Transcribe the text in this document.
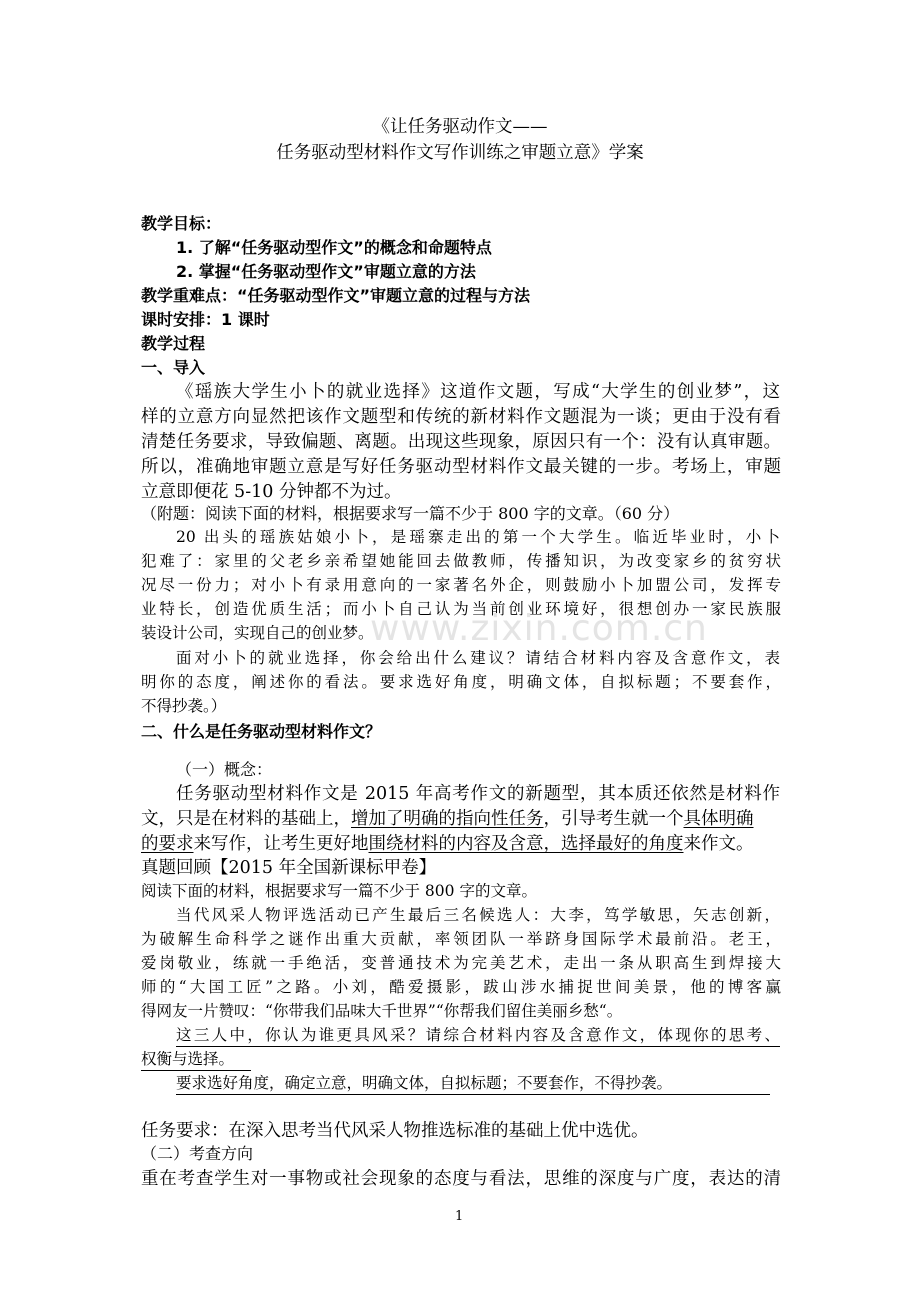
《让任务驱动作文——
任务驱动型材料作文写作训练之审题立意》学案
教学目标：
1. 了解“任务驱动型作文”的概念和命题特点
2. 掌握“任务驱动型作文”审题立意的方法
教学重难点：“任务驱动型作文”审题立意的过程与方法
课时安排：1 课时
教学过程
一、导入
《瑶族大学生小卜的就业选择》这道作文题，写成“大学生的创业梦”，这
样的立意方向显然把该作文题型和传统的新材料作文题混为一谈；更由于没有看
清楚任务要求，导致偏题、离题。出现这些现象，原因只有一个：没有认真审题。
所以，准确地审题立意是写好任务驱动型材料作文最关键的一步。考场上，审题
立意即便花 5-10 分钟都不为过。
（附题：阅读下面的材料，根据要求写一篇不少于 800 字的文章。（60 分）
20 出头的瑶族姑娘小卜，是瑶寨走出的第一个大学生。临近毕业时，小卜
犯难了：家里的父老乡亲希望她能回去做教师，传播知识，为改变家乡的贫穷状
况尽一份力；对小卜有录用意向的一家著名外企，则鼓励小卜加盟公司，发挥专
业特长，创造优质生活；而小卜自己认为当前创业环境好，很想创办一家民族服
装设计公司，实现自己的创业梦。
面对小卜的就业选择，你会给出什么建议？请结合材料内容及含意作文，表
明你的态度，阐述你的看法。要求选好角度，明确文体，自拟标题；不要套作，
不得抄袭。）
二、什么是任务驱动型材料作文？
（一）概念：
任务驱动型材料作文是 2015 年高考作文的新题型，其本质还依然是材料作
文，只是在材料的基础上，增加了明确的指向性任务，引导考生就一个具体明确
的要求来写作，让考生更好地围绕材料的内容及含意，选择最好的角度来作文。
真题回顾【2015 年全国新课标甲卷】
阅读下面的材料，根据要求写一篇不少于 800 字的文章。
当代风采人物评选活动已产生最后三名候选人：大李，笃学敏思，矢志创新，
为破解生命科学之谜作出重大贡献，率领团队一举跻身国际学术最前沿。老王，
爱岗敬业，练就一手绝活，变普通技术为完美艺术，走出一条从职高生到焊接大
师的“大国工匠”之路。小刘，酷爱摄影，跋山涉水捕捉世间美景，他的博客赢
得网友一片赞叹：“你带我们品味大千世界”“你帮我们留住美丽乡愁“。
这三人中，你认为谁更具风采？请综合材料内容及含意作文，体现你的思考、
权衡与选择。
要求选好角度，确定立意，明确文体，自拟标题；不要套作，不得抄袭。
任务要求：在深入思考当代风采人物推选标准的基础上优中选优。
（二）考查方向
重在考查学生对一事物或社会现象的态度与看法，思维的深度与广度，表达的清
www.zixin.com.cn
1
